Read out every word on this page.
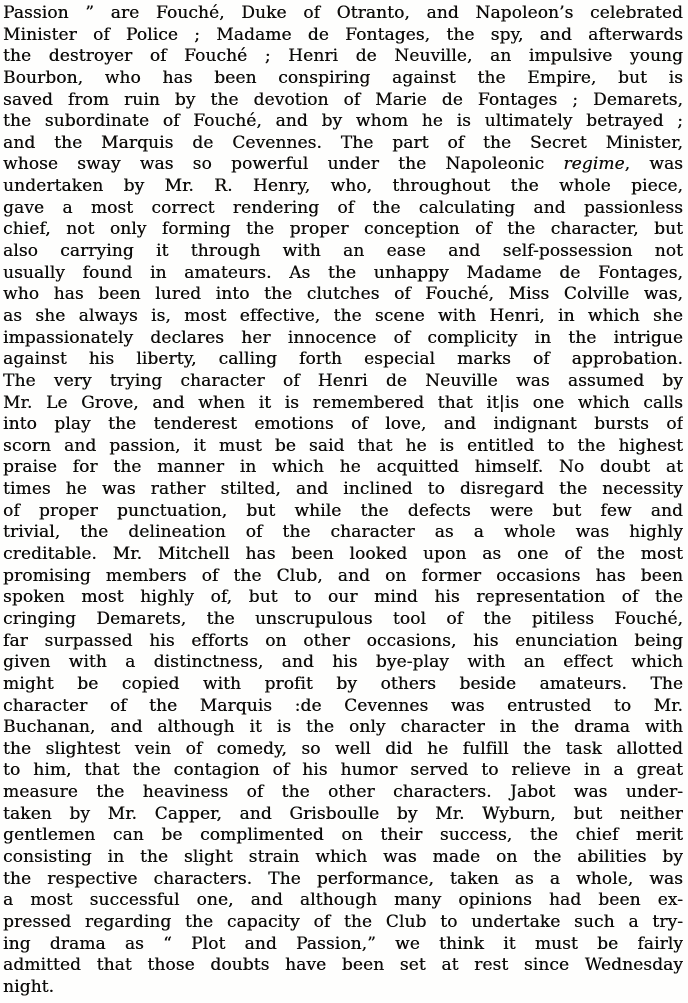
Passion ” are Fouché, Duke of Otranto, and Napoleon’s celebrated
Minister of Police ; Madame de Fontages, the spy, and afterwards
the destroyer of Fouché ; Henri de Neuville, an impulsive young
Bourbon, who has been conspiring against the Empire, but is
saved from ruin by the devotion of Marie de Fontages ; Demarets,
the subordinate of Fouché, and by whom he is ultimately betrayed ;
and the Marquis de Cevennes. The part of the Secret Minister,
whose sway was so powerful under the Napoleonic regime, was
undertaken by Mr. R. Henry, who, throughout the whole piece,
gave a most correct rendering of the calculating and passionless
chief, not only forming the proper conception of the character, but
also carrying it through with an ease and self-possession not
usually found in amateurs. As the unhappy Madame de Fontages,
who has been lured into the clutches of Fouché, Miss Colville was,
as she always is, most effective, the scene with Henri, in which she
impassionately declares her innocence of complicity in the intrigue
against his liberty, calling forth especial marks of approbation.
The very trying character of Henri de Neuville was assumed by
Mr. Le Grove, and when it is remembered that it|is one which calls
into play the tenderest emotions of love, and indignant bursts of
scorn and passion, it must be said that he is entitled to the highest
praise for the manner in which he acquitted himself. No doubt at
times he was rather stilted, and inclined to disregard the necessity
of proper punctuation, but while the defects were but few and
trivial, the delineation of the character as a whole was highly
creditable. Mr. Mitchell has been looked upon as one of the most
promising members of the Club, and on former occasions has been
spoken most highly of, but to our mind his representation of the
cringing Demarets, the unscrupulous tool of the pitiless Fouché,
far surpassed his efforts on other occasions, his enunciation being
given with a distinctness, and his bye-play with an effect which
might be copied with profit by others beside amateurs. The
character of the Marquis :de Cevennes was entrusted to Mr.
Buchanan, and although it is the only character in the drama with
the slightest vein of comedy, so well did he fulfill the task allotted
to him, that the contagion of his humor served to relieve in a great
measure the heaviness of the other characters. Jabot was under-
taken by Mr. Capper, and Grisboulle by Mr. Wyburn, but neither
gentlemen can be complimented on their success, the chief merit
consisting in the slight strain which was made on the abilities by
the respective characters. The performance, taken as a whole, was
a most successful one, and although many opinions had been ex-
pressed regarding the capacity of the Club to undertake such a try-
ing drama as “ Plot and Passion,” we think it must be fairly
admitted that those doubts have been set at rest since Wednesday
night.
